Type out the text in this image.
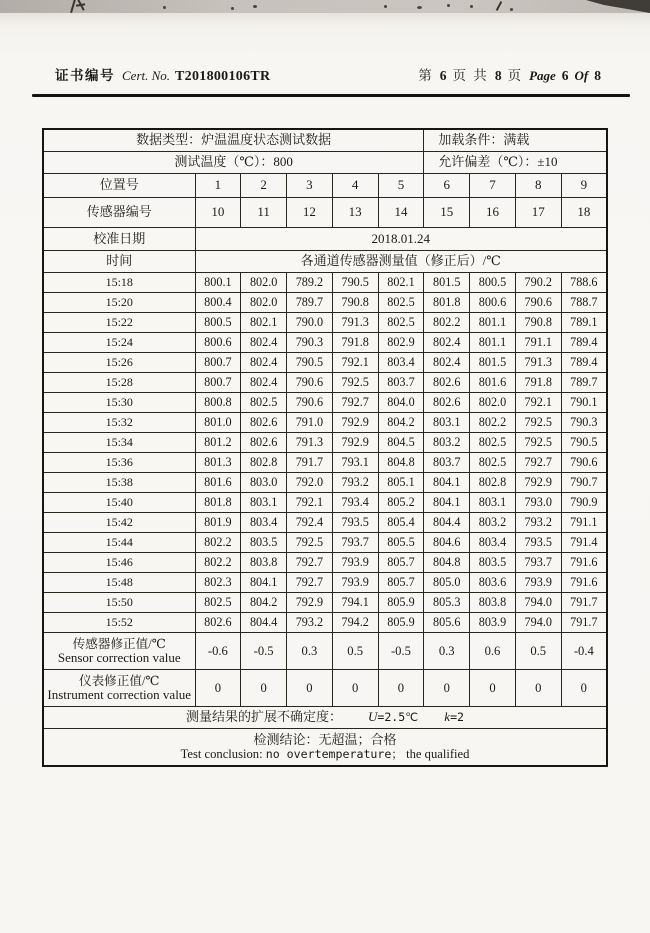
证书编号 Cert. No. T201800106TR	第 6 页 共 8 页 Page 6 Of 8
数据类型：炉温温度状态测试数据						加载条件：满载			
测试温度（℃）：800						允许偏差（℃）：±10			
位置号	1	2	3	4	5	6	7	8	9
传感器编号	10	11	12	13	14	15	16	17	18
校准日期	2018.01.24								
时间	各通道传感器测量值（修正后）/℃								
15:18	800.1	802.0	789.2	790.5	802.1	801.5	800.5	790.2	788.6
15:20	800.4	802.0	789.7	790.8	802.5	801.8	800.6	790.6	788.7
15:22	800.5	802.1	790.0	791.3	802.5	802.2	801.1	790.8	789.1
15:24	800.6	802.4	790.3	791.8	802.9	802.4	801.1	791.1	789.4
15:26	800.7	802.4	790.5	792.1	803.4	802.4	801.5	791.3	789.4
15:28	800.7	802.4	790.6	792.5	803.7	802.6	801.6	791.8	789.7
15:30	800.8	802.5	790.6	792.7	804.0	802.6	802.0	792.1	790.1
15:32	801.0	802.6	791.0	792.9	804.2	803.1	802.2	792.5	790.3
15:34	801.2	802.6	791.3	792.9	804.5	803.2	802.5	792.5	790.5
15:36	801.3	802.8	791.7	793.1	804.8	803.7	802.5	792.7	790.6
15:38	801.6	803.0	792.0	793.2	805.1	804.1	802.8	792.9	790.7
15:40	801.8	803.1	792.1	793.4	805.2	804.1	803.1	793.0	790.9
15:42	801.9	803.4	792.4	793.5	805.4	804.4	803.2	793.2	791.1
15:44	802.2	803.5	792.5	793.7	805.5	804.6	803.4	793.5	791.4
15:46	802.2	803.8	792.7	793.9	805.7	804.8	803.5	793.7	791.6
15:48	802.3	804.1	792.7	793.9	805.7	805.0	803.6	793.9	791.6
15:50	802.5	804.2	792.9	794.1	805.9	805.3	803.8	794.0	791.7
15:52	802.6	804.4	793.2	794.2	805.9	805.6	803.9	794.0	791.7

传感器修正值/℃
Sensor correction value	-0.6	-0.5	0.3	0.5	-0.5	0.3	0.6	0.5	-0.4

仪表修正值/℃
Instrument correction value	0	0	0	0	0	0	0	0	0
测量结果的扩展不确定度： U=2.5℃ k=2									

检测结论：无超温；合格
Test conclusion: no overtemperature； the qualified									
